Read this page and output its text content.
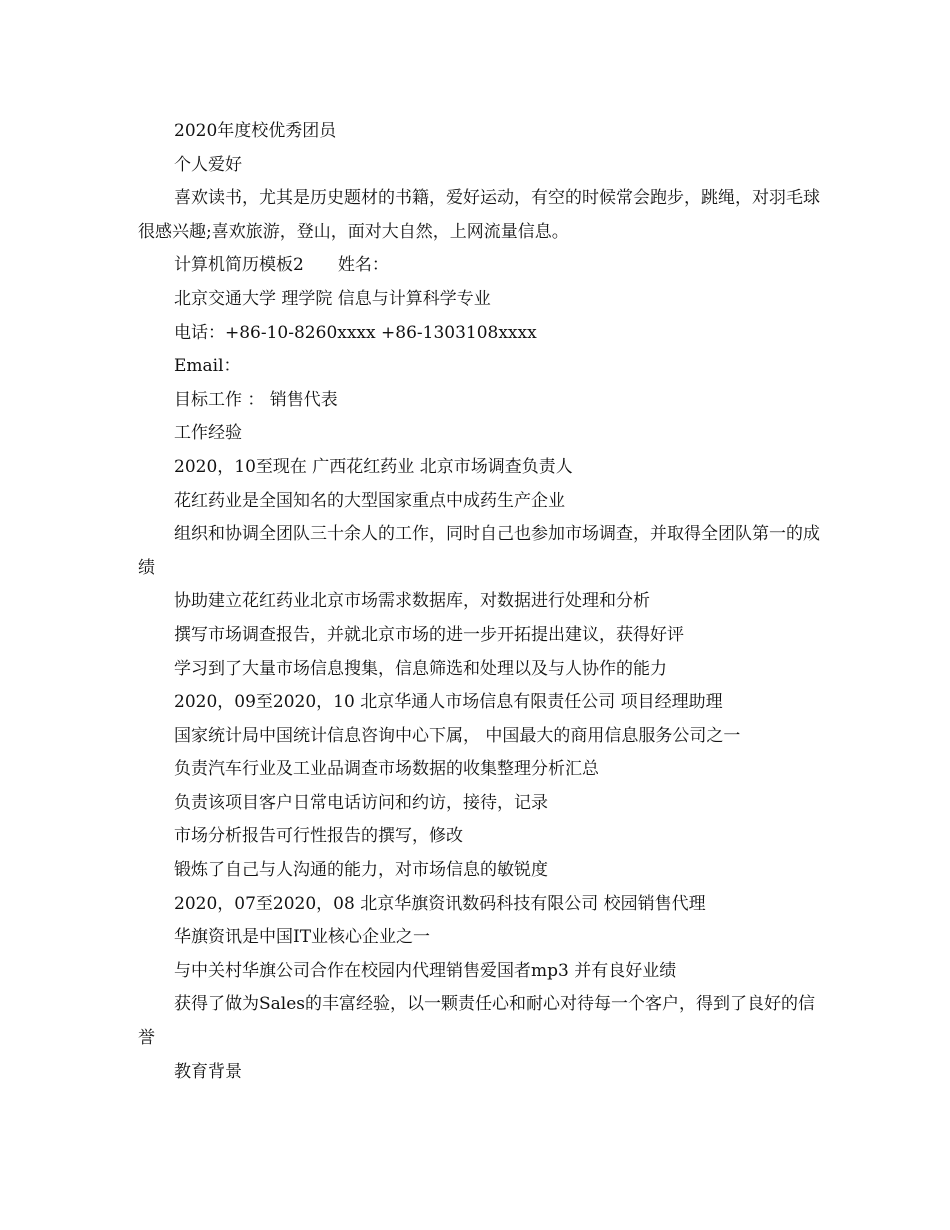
2020年度校优秀团员

个人爱好

喜欢读书，尤其是历史题材的书籍，爱好运动，有空的时候常会跑步，跳绳，对羽毛球很感兴趣;喜欢旅游，登山，面对大自然，上网流量信息。

计算机简历模板2　　姓名：

北京交通大学 理学院 信息与计算科学专业

电话：+86-10-8260xxxx +86-1303108xxxx

Email：

目标工作 ： 销售代表

工作经验

2020，10至现在 广西花红药业 北京市场调查负责人

花红药业是全国知名的大型国家重点中成药生产企业

组织和协调全团队三十余人的工作，同时自己也参加市场调查，并取得全团队第一的成绩

协助建立花红药业北京市场需求数据库，对数据进行处理和分析

撰写市场调查报告，并就北京市场的进一步开拓提出建议，获得好评

学习到了大量市场信息搜集，信息筛选和处理以及与人协作的能力

2020，09至2020，10 北京华通人市场信息有限责任公司 项目经理助理

国家统计局中国统计信息咨询中心下属， 中国最大的商用信息服务公司之一

负责汽车行业及工业品调查市场数据的收集整理分析汇总

负责该项目客户日常电话访问和约访，接待，记录

市场分析报告可行性报告的撰写，修改

锻炼了自己与人沟通的能力，对市场信息的敏锐度

2020，07至2020，08 北京华旗资讯数码科技有限公司 校园销售代理

华旗资讯是中国IT业核心企业之一

与中关村华旗公司合作在校园内代理销售爱国者mp3 并有良好业绩

获得了做为Sales的丰富经验，以一颗责任心和耐心对待每一个客户，得到了良好的信誉

教育背景
